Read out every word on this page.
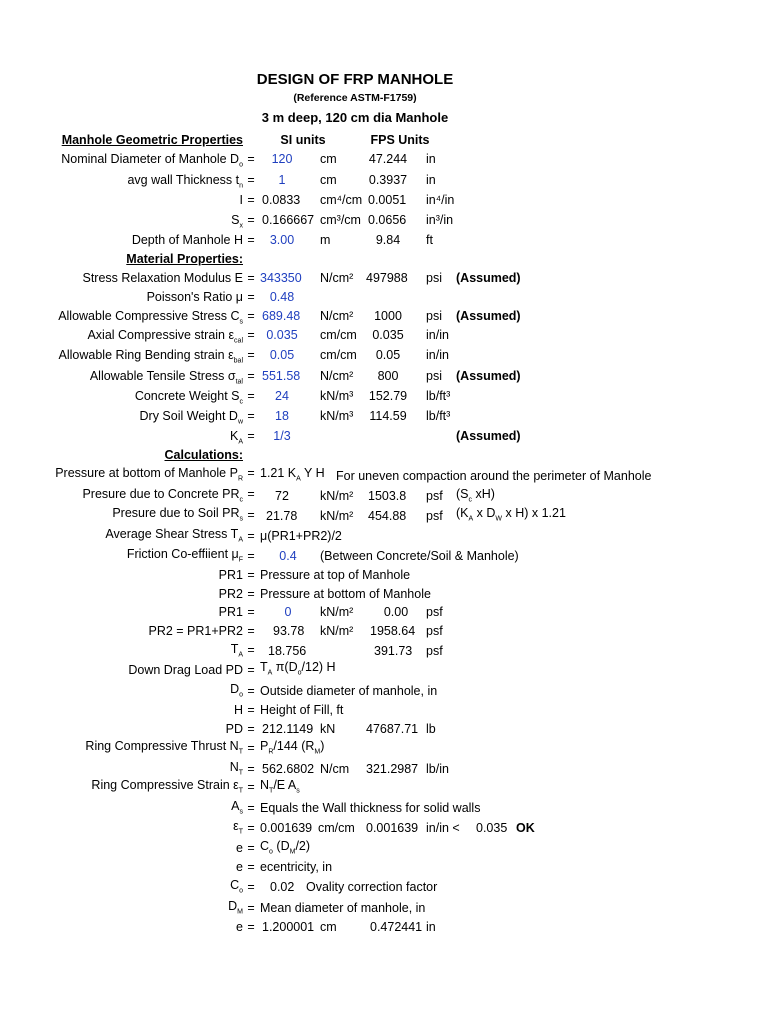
DESIGN OF FRP MANHOLE
(Reference ASTM-F1759)
3 m deep, 120 cm dia Manhole
Manhole Geometric Properties	SI units	FPS Units
Nominal Diameter of Manhole $D_o$ =	120	cm	47.244	in
avg wall Thickness $t_n$ =	1	cm	0.3937	in
I = 0.0833 cm⁴/cm 0.0051 in⁴/in
$S_x = 0.166667$ cm³/cm 0.0656 in³/in
Depth of Manhole H =	3.00	m	9.84	ft
Material Properties:
Stress Relaxation Modulus E = 343350 N/cm² 497988 psi (Assumed)
Poisson's Ratio μ =	0.48
Allowable Compressive Stress $C_s = 689.48$ N/cm²	1000	psi (Assumed)
Axial Compressive strain $\varepsilon_{cal} = 0.035$	cm/cm	0.035	in/in
Allowable Ring Bending strain $\varepsilon_{bal}$ =	0.05	cm/cm	0.05	in/in
Allowable Tensile Stress $\sigma_{tal} = 551.58$ N/cm²	800	psi (Assumed)
Concrete Weight $S_c$ =	24	kN/m³	152.79	lb/ft³
Dry Soil Weight $D_w$ =	18	kN/m³	114.59	lb/ft³
$K_A$ =	1/3	(Assumed)
Calculations:
Pressure at bottom of Manhole $P_R = 1.21$ $K_A$ Y H For uneven compaction around the perimeter of Manhole
Presure due to Concrete $PR_c$ =	72	kN/m² 1503.8 psf ($S_c$ xH)
Presure due to Soil $PR_s = 21.78$ kN/m² 454.88 psf ($K_A$ x $D_W$ x H) x 1.21
Average Shear Stress $T_A = \mu(PR1+PR2)/2$
Friction Co-effiient $\mu_F$ =	0.4	(Between Concrete/Soil & Manhole)
PR1 = Pressure at top of Manhole
PR2 = Pressure at bottom of Manhole
PR1 =	0	kN/m²	0.00	psf
PR2 = PR1+PR2 = 93.78 kN/m² 1958.64 psf
$T_A = 18.756$	391.73 psf
Down Drag Load PD = $T_A$ $\pi(D_o/12)$ H
$D_o$ = Outside diameter of manhole, in
H = Height of Fill, ft
PD = 212.1149 kN 47687.71 lb
Ring Compressive Thrust $N_T = P_R/144$ $(R_M)$
$N_T = 562.6802$ N/cm 321.2987 lb/in
Ring Compressive Strain $\varepsilon_T = N_T/E$ $A_s$
$A_s$ = Equals the Wall thickness for solid walls
$\varepsilon_T = 0.001639$ cm/cm 0.001639 in/in < 0.035 OK
$e = C_o$ $(D_M/2)$
e = ecentricity, in
$C_o = 0.02$ Ovality correction factor
$D_M$ = Mean diameter of manhole, in
e = 1.200001 cm	0.472441 in
